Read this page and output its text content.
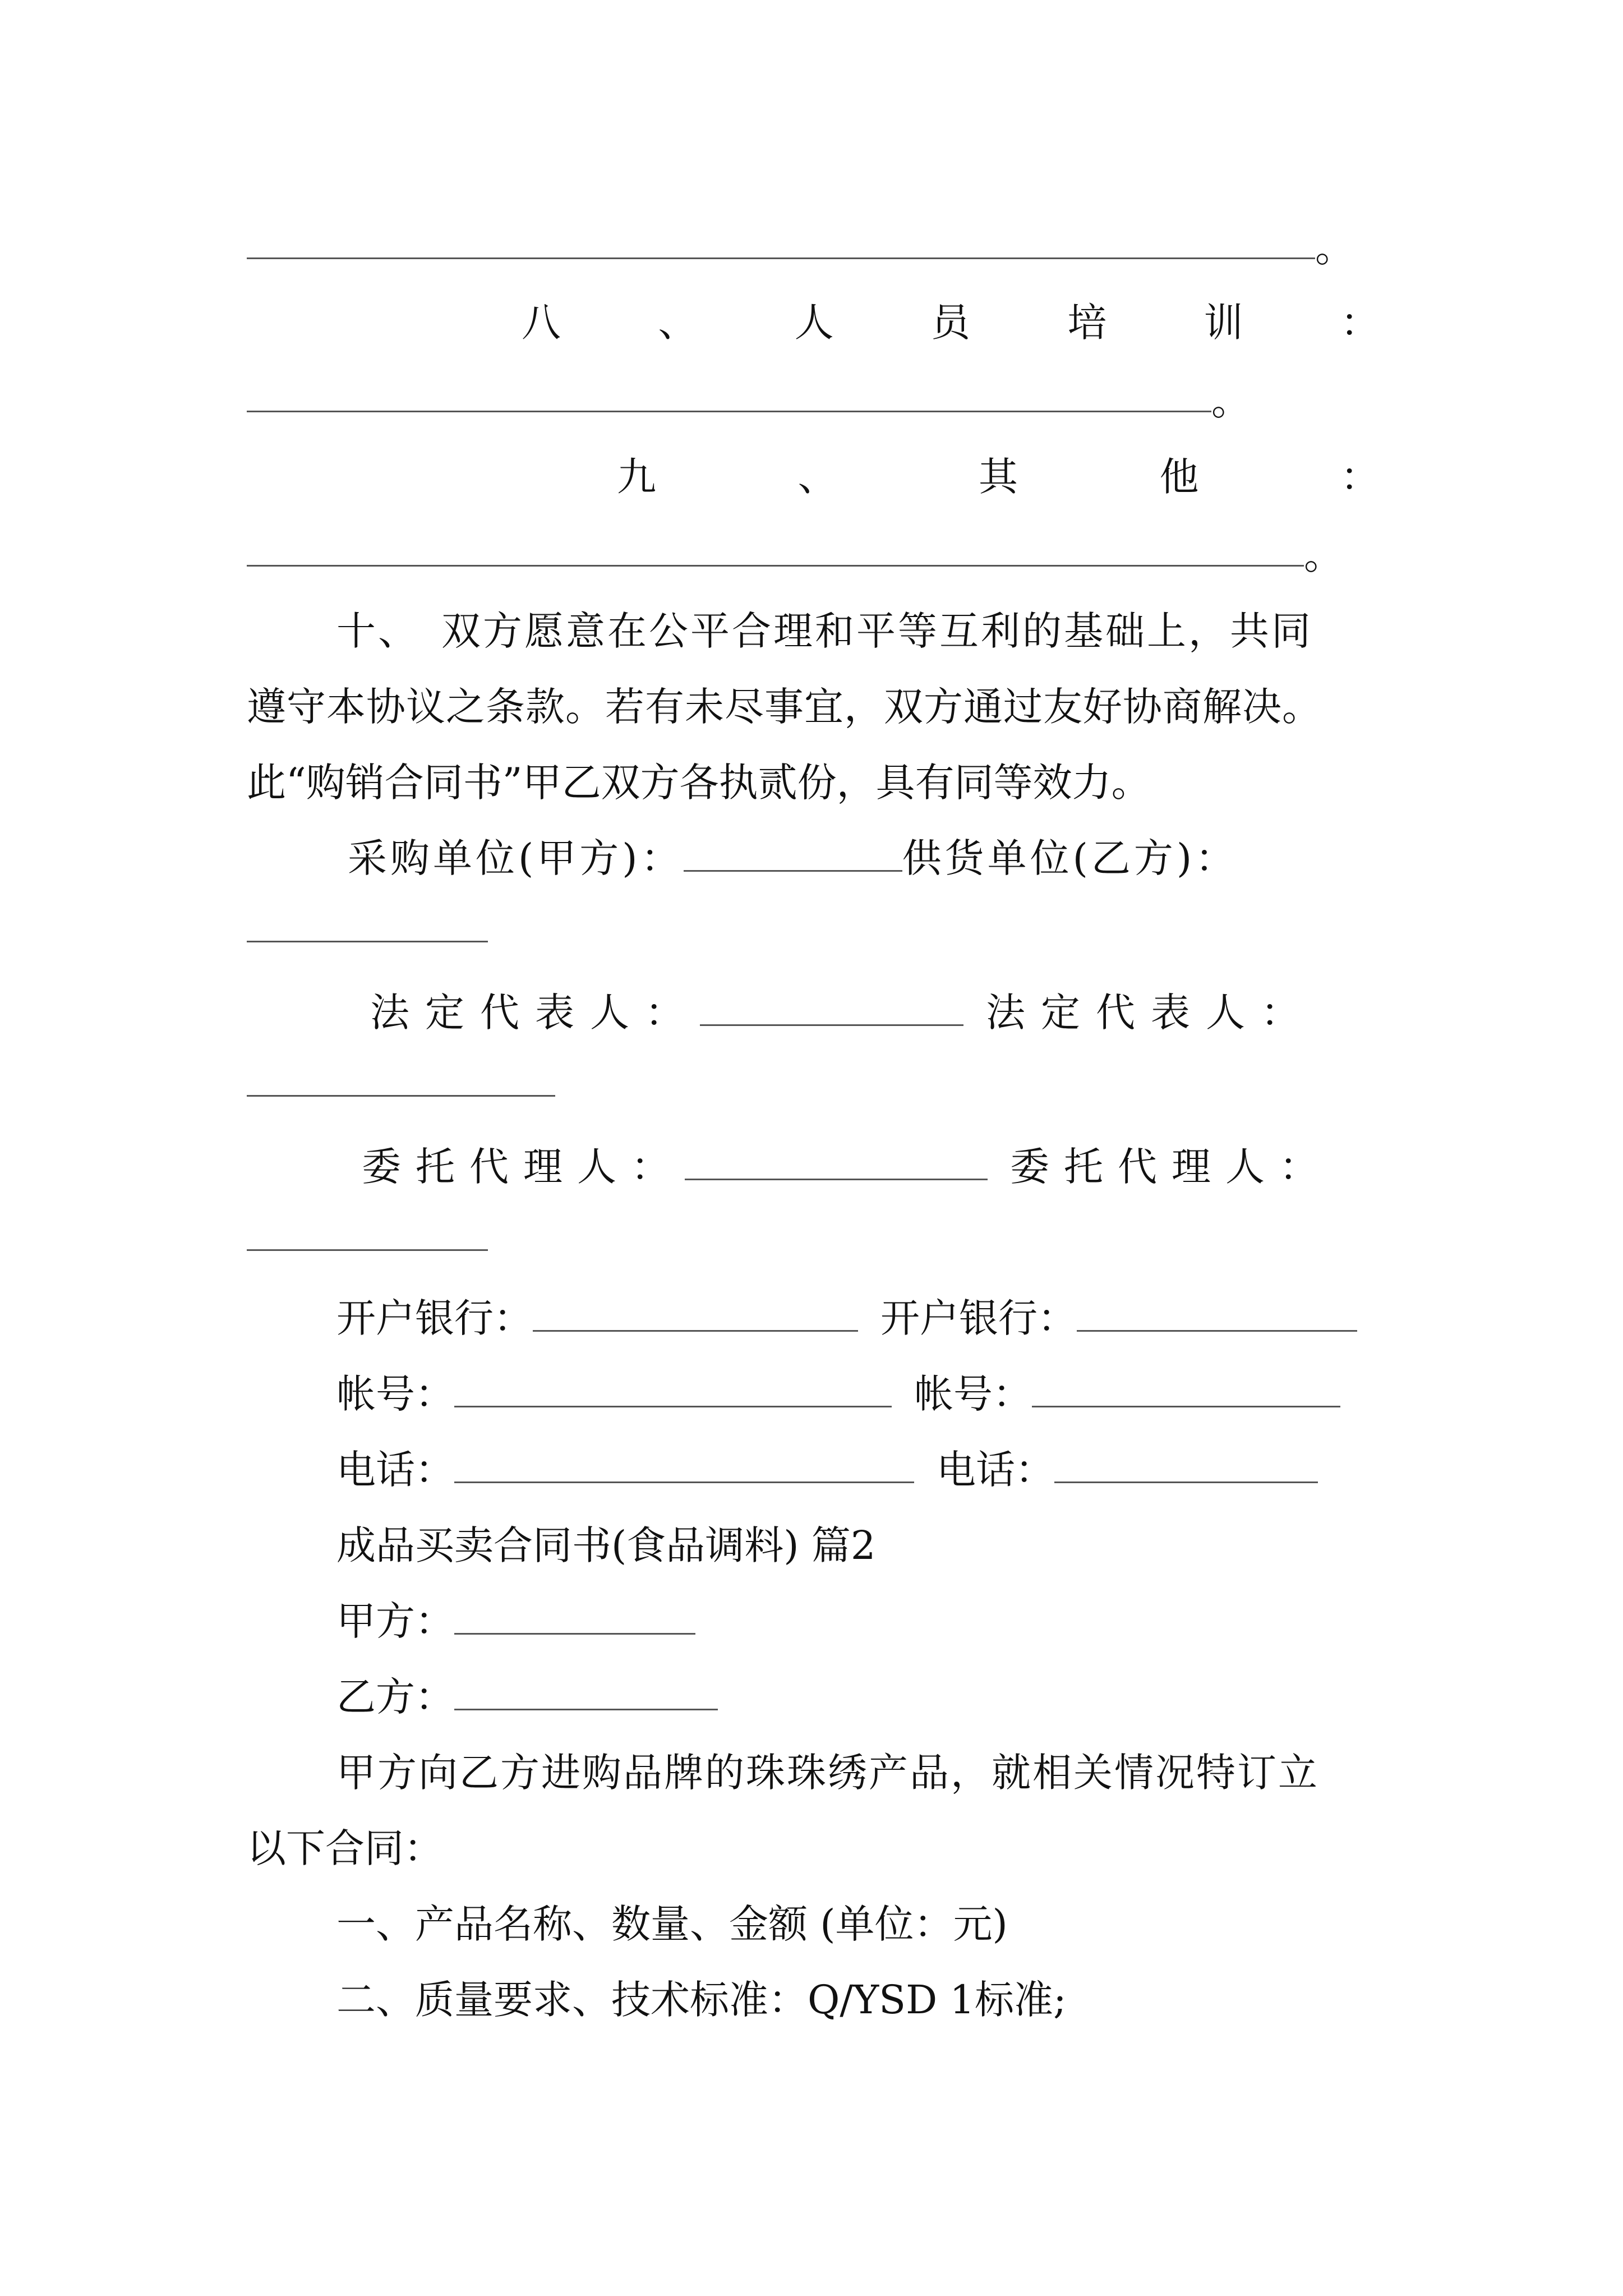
。
八 、 人 员 培 训 ：
。
九	、	其	他	：
。
十、　双方愿意在公平合理和平等互利的基础上，共同
遵守本协议之条款。若有未尽事宜，双方通过友好协商解决。
此“购销合同书”甲乙双方各执贰份，具有同等效力。
采购单位(甲方)：	供货单位(乙方)：
法定代表人：	法定代表人：
委托代理人：	委托代理人：
开户银行：	开户银行：
帐号：	帐号：
电话：	电话：
成品买卖合同书(食品调料) 篇2
甲方：
乙方：
甲方向乙方进购品牌的珠珠绣产品，就相关情况特订立
以下合同：
一、产品名称、数量、金额 (单位：元)
二、质量要求、技术标准：Q/YSD 1标准;
